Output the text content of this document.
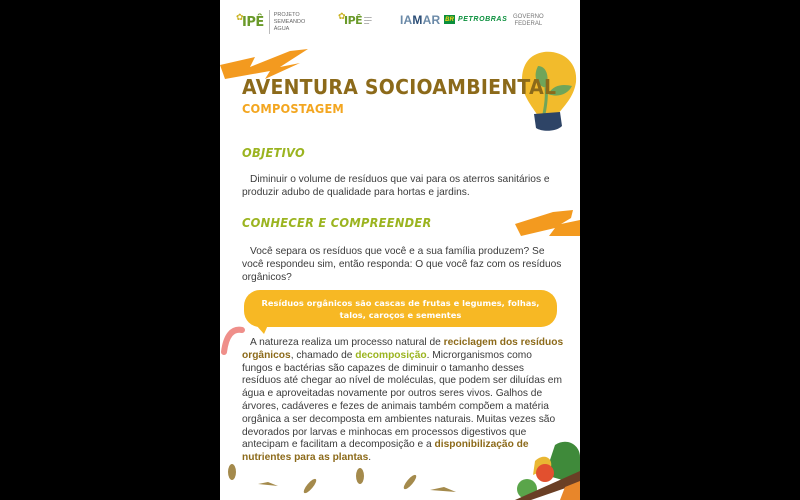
✿
IPÊ PROJETO
SEMEANDO
ÁGUA
✿
IPÊ ▬▬▬
▬▬▬
▬▬	IAMAR BR PETROBRAS GOVERNO
FEDERAL
AVENTURA SOCIOAMBIENTAL
COMPOSTAGEM
OBJETIVO
Diminuir o volume de resíduos que vai para os aterros sanitários e produzir adubo de qualidade para hortas e jardins.
CONHECER E COMPREENDER
Você separa os resíduos que você e a sua família produzem? Se você respondeu sim, então responda: O que você faz com os resíduos orgânicos?
Resíduos orgânicos são cascas de frutas e legumes, folhas, talos, caroços e sementes
A natureza realiza um processo natural de reciclagem dos resíduos orgânicos, chamado de decomposição. Microrganismos como fungos e bactérias são capazes de diminuir o tamanho desses resíduos até chegar ao nível de moléculas, que podem ser diluídas em água e aproveitadas novamente por outros seres vivos. Galhos de árvores, cadáveres e fezes de animais também compõem a matéria orgânica a ser decomposta em ambientes naturais. Muitas vezes são devorados por larvas e minhocas em processos digestivos que antecipam e facilitam a decomposição e a disponibilização de nutrientes para as plantas.
